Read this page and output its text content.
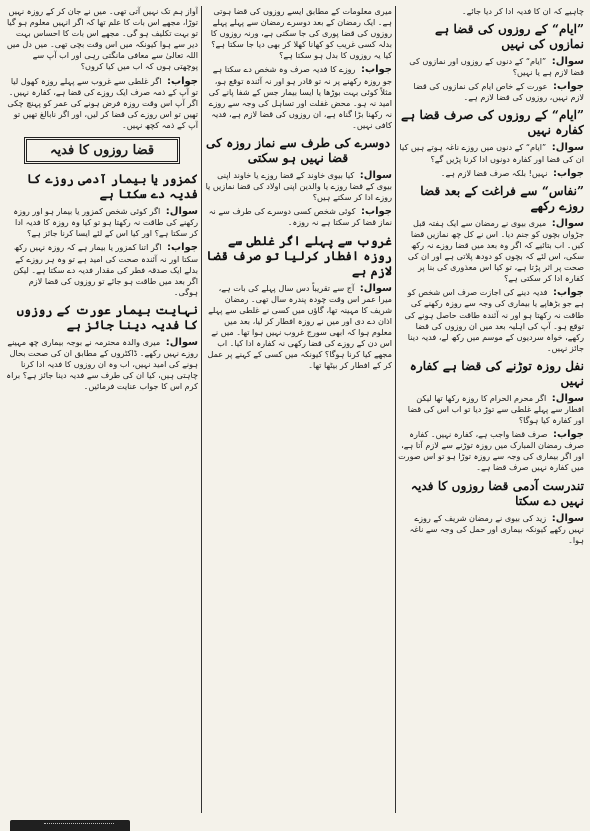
چاہیے کہ ان کا فدیہ ادا کر دیا جائے۔

”ایام“ کے روزوں کی قضا ہے نمازوں کی نہیں

سوال: ”ایام“ کے دنوں کے روزوں اور نمازوں کی قضا لازم ہے یا نہیں؟

جواب: عورت کے خاص ایام کی نمازوں کی قضا لازم نہیں، روزوں کی قضا لازم ہے۔

”ایام“ کے روزوں کی صرف قضا ہے کفارہ نہیں

سوال: ”ایام“ کے دنوں میں روزے ناغہ ہوتے ہیں کیا ان کی قضا اور کفارہ دونوں ادا کرنا پڑیں گے؟

جواب: نہیں! بلکہ صرف قضا لازم ہے۔

”نفاس“ سے فراغت کے بعد قضا روزے رکھے

سوال: میری بیوی نے رمضان سے ایک ہفتہ قبل جڑواں بچوں کو جنم دیا۔ اس نے کل چھ نمازیں قضا کیں۔ اب بتائیے کہ اگر وہ بعد میں قضا روزے نہ رکھ سکی، اس لئے کہ بچوں کو دودھ پلاتی ہے اور ان کی صحت پر اثر پڑتا ہے، تو کیا اس معذوری کی بنا پر کفارہ ادا کر سکتی ہے؟

جواب: فدیہ دینے کی اجازت صرف اس شخص کو ہے جو بڑھاپے یا بیماری کی وجہ سے روزہ رکھنے کی طاقت نہ رکھتا ہو اور نہ آئندہ طاقت حاصل ہونے کی توقع ہو۔ آپ کی اہلیہ بعد میں ان روزوں کی قضا رکھے، خواہ سردیوں کے موسم میں رکھ لے، فدیہ دینا جائز نہیں۔

نفل روزہ توڑنے کی قضا ہے کفارہ نہیں

سوال: اگر محرم الحرام کا روزہ رکھا تھا لیکن افطار سے پہلے غلطی سے توڑ دیا تو اب اس کی قضا اور کفارہ کیا ہوگا؟

جواب: صرف قضا واجب ہے، کفارہ نہیں۔ کفارہ صرف رمضان المبارک میں روزہ توڑنے سے لازم آتا ہے، اور اگر بیماری کی وجہ سے روزہ توڑا ہو تو اس صورت میں کفارہ نہیں صرف قضا ہے۔

تندرست آدمی قضا روزوں کا فدیہ نہیں دے سکتا

سوال: زید کی بیوی نے رمضان شریف کے روزے نہیں رکھے کیونکہ بیماری اور حمل کی وجہ سے ناغہ ہوا۔

میری معلومات کے مطابق ایسے روزوں کی قضا ہوتی ہے۔ ایک رمضان کے بعد دوسرے رمضان سے پہلے پہلے روزوں کی قضا پوری کی جا سکتی ہے، ورنہ روزوں کا بدلہ کسی غریب کو کھانا کھلا کر بھی دیا جا سکتا ہے؟ کیا یہ روزوں کا بدل ہو سکتا ہے؟

جواب: روزے کا فدیہ صرف وہ شخص دے سکتا ہے جو روزہ رکھنے پر نہ تو قادر ہو اور نہ آئندہ توقع ہو، مثلاً کوئی بہت بوڑھا یا ایسا بیمار جس کے شفا پانے کی امید نہ ہو۔ محض غفلت اور تساہل کی وجہ سے روزے نہ رکھنا بڑا گناہ ہے، ان روزوں کی قضا لازم ہے، فدیہ کافی نہیں۔

دوسرے کی طرف سے نماز روزہ کی قضا نہیں ہو سکتی

سوال: کیا بیوی خاوند کے قضا روزے یا خاوند اپنی بیوی کے قضا روزے یا والدین اپنی اولاد کی قضا نمازیں یا روزے ادا کر سکتے ہیں؟

جواب: کوئی شخص کسی دوسرے کی طرف سے نہ نماز قضا کر سکتا ہے نہ روزہ۔

غروب سے پہلے اگر غلطی سے روزہ افطار کرلیا تو صرف قضا لازم ہے

سوال: آج سے تقریباً دس سال پہلے کی بات ہے، میرا عمر اس وقت چودہ پندرہ سال تھی۔ رمضان شریف کا مہینہ تھا، گاؤں میں کسی نے غلطی سے پہلے اذان دے دی اور میں نے روزہ افطار کر لیا، بعد میں معلوم ہوا کہ ابھی سورج غروب نہیں ہوا تھا۔ میں نے اس دن کے روزے کی قضا رکھی نہ کفارہ ادا کیا۔ اب مجھے کیا کرنا ہوگا؟ کیونکہ میں کسی کے کہنے پر عمل کر کے افطار کر بیٹھا تھا۔

آواز ہم تک نہیں آتی تھی۔ میں نے جان کر کے روزہ نہیں توڑا، مجھے اس بات کا علم تھا کہ اگر انہیں معلوم ہو گیا تو بہت تکلیف ہو گی۔ مجھے اس بات کا احساس بہت دیر سے ہوا کیونکہ میں اس وقت بچی تھی۔ میں دل میں اللہ تعالیٰ سے معافی مانگتی رہی اور اب آپ سے پوچھتی ہوں کہ اب میں کیا کروں؟

جواب: اگر غلطی سے غروب سے پہلے روزہ کھول لیا تو آپ کے ذمہ صرف ایک روزے کی قضا ہے، کفارہ نہیں۔ اگر آپ اس وقت روزہ فرض ہونے کی عمر کو پہنچ چکی تھیں تو اس روزے کی قضا کر لیں، اور اگر نابالغ تھیں تو آپ کے ذمہ کچھ نہیں۔

قضا روزوں کا فدیہ
کمزور یا بیمار آدمی روزے کا فدیہ دے سکتا ہے

سوال: اگر کوئی شخص کمزور یا بیمار ہو اور روزہ رکھنے کی طاقت نہ رکھتا ہو تو کیا وہ روزہ کا فدیہ ادا کر سکتا ہے؟ اور کیا اس کے لئے ایسا کرنا جائز ہے؟

جواب: اگر اتنا کمزور یا بیمار ہے کہ روزہ نہیں رکھ سکتا اور نہ آئندہ صحت کی امید ہے تو وہ ہر روزے کے بدلے ایک صدقہ فطر کی مقدار فدیہ دے سکتا ہے۔ لیکن اگر بعد میں طاقت ہو جائے تو روزوں کی قضا لازم ہوگی۔

نہایت بیمار عورت کے روزوں کا فدیہ دینا جائز ہے

سوال: میری والدہ محترمہ نے بوجہ بیماری چھ مہینے روزے نہیں رکھے۔ ڈاکٹروں کے مطابق ان کی صحت بحال ہونے کی امید نہیں، اب وہ ان روزوں کا فدیہ ادا کرنا چاہتی ہیں، کیا ان کی طرف سے فدیہ دینا جائز ہے؟ براہ کرم اس کا جواب عنایت فرمائیں۔
